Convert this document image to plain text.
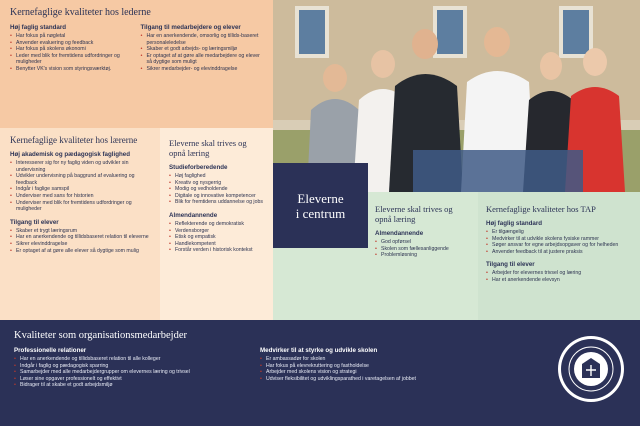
Kernefaglige kvaliteter hos lederne
Høj faglig standard
• Har fokus på nøgletal
• Anvender evaluering og feedback
• Har fokus på skolens økonomi
• Leder med blik for fremtidens udfordringer og muligheder
• Benytter VK's vision som styringsværktøj.
Tilgang til medarbejdere og elever
• Har en anerkendende, omsorlig og tillids-baseret personaleledelse
• Skaber et godt arbejds- og læringsmiljø
• Er optaget af at gøre alle medarbejdere og elever så dygtige som muligt
• Sikrer medarbejder- og elevinddragelse
Kernefaglige kvaliteter hos lærerne
Høj akademisk og pædagogisk faglighed
• Interesserer sig for ny faglig viden og udvikler sin undervisning
• Udvikler undervisning på baggrund af evaluering og feedback
• Indgår i faglige samspil
• Underviser med sans for historien
• Underviser med blik for fremtidens udfordringer og muligheder
Tilgang til elever
• Skaber et trygt læringsrum
• Har en anerkendende og tillidsbaseret relation til eleverne
• Sikrer elevinddragelse
• Er optaget af at gøre alle elever så dygtige som mulig
Eleverne skal trives og opnå læring
Studieforberedende
• Høj faglighed
• Kreativ og nysgerrig
• Modig og vedholdende
• Digitale og innovative kompetencer
• Blik for fremtidens uddannelse og jobs
Almendannende
• Reflekterende og demokratisk
• Verdensborger
• Etisk og empatisk
• Handlekompetent
• Forstår verden i historisk kontekst
Eleverne
i centrum	Eleverne skal trives og opnå læring
Almendannende
• God opførsel
• Skolen som fællesanliggende
• Problemløsning
Kernefaglige kvaliteter hos TAP
Høj faglig standard
• Er tilgængelig
• Medvirker til at udvikle skolens fysiske rammer
• Søger ansvar for egne arbejdsopgaver og for helheden
• Anvender feedback til at justere praksis
Tilgang til elever
• Arbejder for elevernes trivsel og læring
• Har et anerkendende elevsyn
Kvaliteter som organisationsmedarbejder
Professionelle relationer
• Har en anerkendende og tillidsbaseret relation til alle kolleger
• Indgår i faglig og pædagogisk sparring
• Samarbejder med alle medarbejdergrupper om elevernes læring og trivsel
• Løser sine opgaver professionelt og effektivt
• Bidrager til at skabe et godt arbejdsmiljø
Medvirker til at styrke og udvikle skolen
• Er ambassadør for skolen
• Har fokus på elevrekruttering og fastholdelse
• Arbejder med skolens vision og strategi
• Udviser fleksibilitet og udviklingsparathed i varetagelsen af jobbet
